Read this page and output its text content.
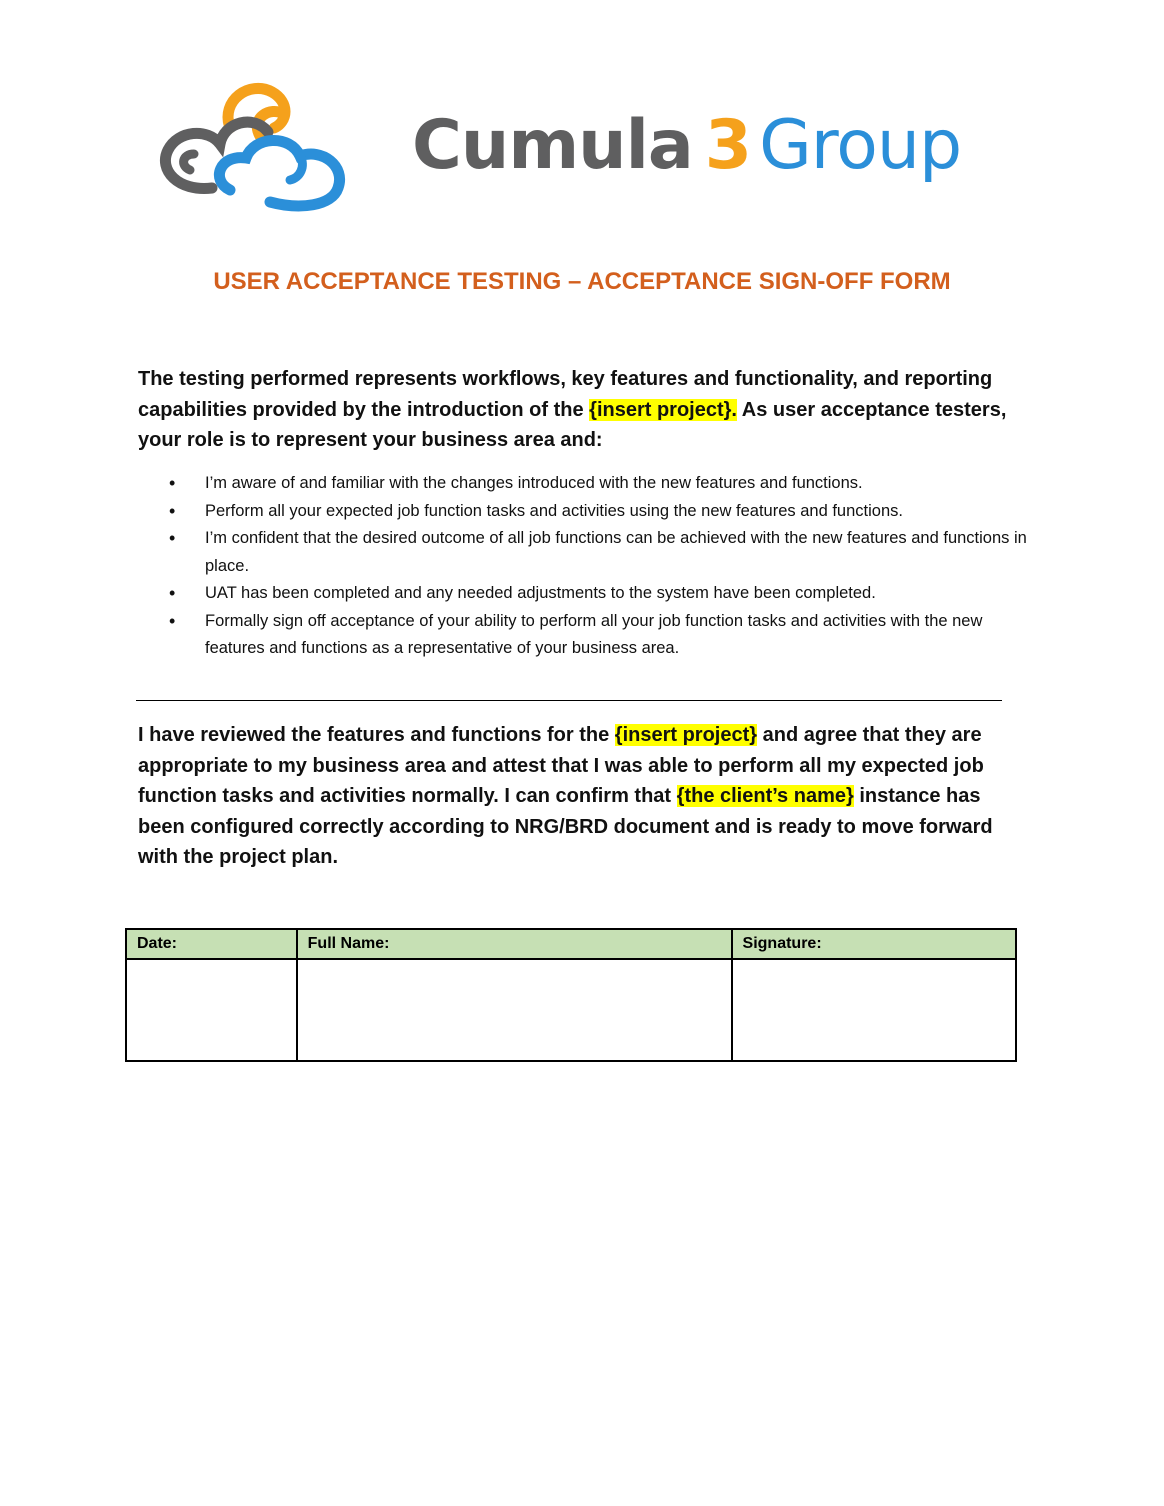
Cumula 3 Group
USER ACCEPTANCE TESTING – ACCEPTANCE SIGN-OFF FORM
The testing performed represents workflows, key features and functionality, and reporting capabilities provided by the introduction of the {insert project}. As user acceptance testers, your role is to represent your business area and:
• I’m aware of and familiar with the changes introduced with the new features and functions.
• Perform all your expected job function tasks and activities using the new features and functions.
• I’m confident that the desired outcome of all job functions can be achieved with the new features and functions in place.
• UAT has been completed and any needed adjustments to the system have been completed.
• Formally sign off acceptance of your ability to perform all your job function tasks and activities with the new features and functions as a representative of your business area.
I have reviewed the features and functions for the {insert project} and agree that they are appropriate to my business area and attest that I was able to perform all my expected job function tasks and activities normally. I can confirm that {the client’s name} instance has been configured correctly according to NRG/BRD document and is ready to move forward with the project plan.
Date:	Full Name:	Signature:
